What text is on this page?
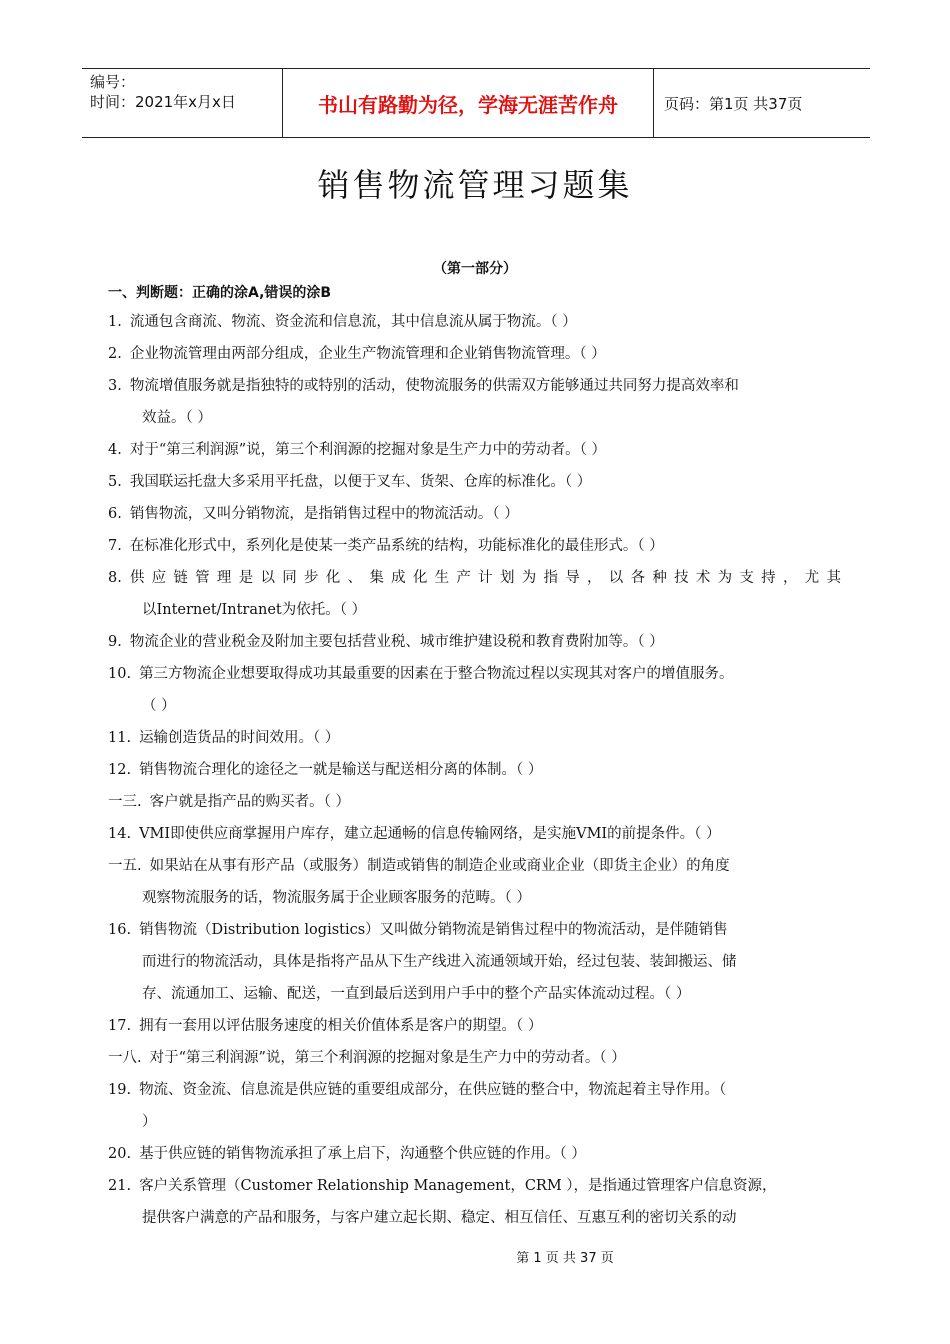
编号：
时间：2021年x月x日	书山有路勤为径，学海无涯苦作舟	页码：第1页 共37页
销售物流管理习题集
（第一部分）
一、判断题：正确的涂A,错误的涂B
1. 流通包含商流、物流、资金流和信息流，其中信息流从属于物流。（ ）
2. 企业物流管理由两部分组成，企业生产物流管理和企业销售物流管理。（ ）
3. 物流增值服务就是指独特的或特别的活动，使物流服务的供需双方能够通过共同努力提高效率和
效益。（ ）
4. 对于“第三利润源”说，第三个利润源的挖掘对象是生产力中的劳动者。（ ）
5. 我国联运托盘大多采用平托盘，以便于叉车、货架、仓库的标准化。（ ）
6. 销售物流，又叫分销物流，是指销售过程中的物流活动。（ ）
7. 在标准化形式中，系列化是使某一类产品系统的结构，功能标准化的最佳形式。（ ）
8. 供应链管理是以同步化、集成化生产计划为指导，以各种技术为支持，尤其
以Internet/Intranet为依托。（ ）
9. 物流企业的营业税金及附加主要包括营业税、城市维护建设税和教育费附加等。（ ）
10. 第三方物流企业想要取得成功其最重要的因素在于整合物流过程以实现其对客户的增值服务。
（ ）
11. 运输创造货品的时间效用。（ ）
12. 销售物流合理化的途径之一就是输送与配送相分离的体制。（ ）
一三. 客户就是指产品的购买者。（ ）
14. VMI即使供应商掌握用户库存，建立起通畅的信息传输网络，是实施VMI的前提条件。（ ）
一五. 如果站在从事有形产品（或服务）制造或销售的制造企业或商业企业（即货主企业）的角度
观察物流服务的话，物流服务属于企业顾客服务的范畴。（ ）
16. 销售物流（Distribution logistics）又叫做分销物流是销售过程中的物流活动，是伴随销售
而进行的物流活动，具体是指将产品从下生产线进入流通领域开始，经过包装、装卸搬运、储
存、流通加工、运输、配送，一直到最后送到用户手中的整个产品实体流动过程。（ ）
17. 拥有一套用以评估服务速度的相关价值体系是客户的期望。（ ）
一八. 对于“第三利润源”说，第三个利润源的挖掘对象是生产力中的劳动者。（ ）
19. 物流、资金流、信息流是供应链的重要组成部分，在供应链的整合中，物流起着主导作用。（
）
20. 基于供应链的销售物流承担了承上启下，沟通整个供应链的作用。（ ）
21. 客户关系管理（Customer Relationship Management，CRM ），是指通过管理客户信息资源，
提供客户满意的产品和服务，与客户建立起长期、稳定、相互信任、互惠互利的密切关系的动
第 1 页 共 37 页
